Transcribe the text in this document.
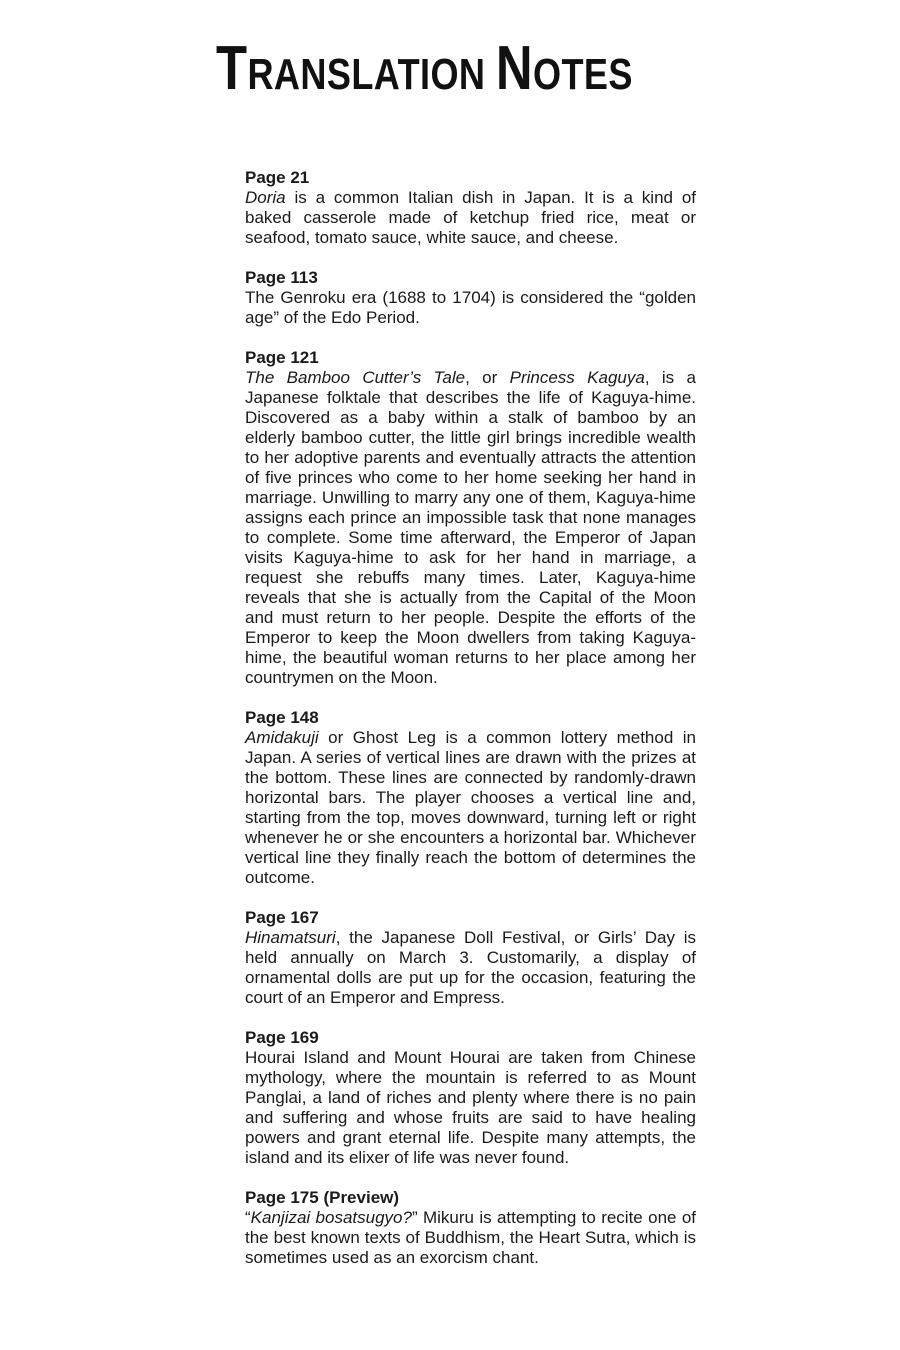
TRANSLATION NOTES

Page 21

Doria is a common Italian dish in Japan. It is a kind of baked casserole made of ketchup fried rice, meat or seafood, tomato sauce, white sauce, and cheese.

Page 113

The Genroku era (1688 to 1704) is considered the “golden age” of the Edo Period.

Page 121

The Bamboo Cutter’s Tale, or Princess Kaguya, is a Japanese folktale that describes the life of Kaguya-hime. Discovered as a baby within a stalk of bamboo by an elderly bamboo cutter, the little girl brings incredible wealth to her adoptive parents and eventually attracts the attention of five princes who come to her home seeking her hand in marriage. Unwilling to marry any one of them, Kaguya-hime assigns each prince an impossible task that none manages to complete. Some time afterward, the Emperor of Japan visits Kaguya-hime to ask for her hand in marriage, a request she rebuffs many times. Later, Kaguya-hime reveals that she is actually from the Capital of the Moon and must return to her people. Despite the efforts of the Emperor to keep the Moon dwellers from taking Kaguya-hime, the beautiful woman returns to her place among her countrymen on the Moon.

Page 148

Amidakuji or Ghost Leg is a common lottery method in Japan. A series of vertical lines are drawn with the prizes at the bottom. These lines are connected by randomly-drawn horizontal bars. The player chooses a vertical line and, starting from the top, moves downward, turning left or right whenever he or she encounters a horizontal bar. Whichever vertical line they finally reach the bottom of determines the outcome.

Page 167

Hinamatsuri, the Japanese Doll Festival, or Girls’ Day is held annually on March 3. Customarily, a display of ornamental dolls are put up for the occasion, featuring the court of an Emperor and Empress.

Page 169

Hourai Island and Mount Hourai are taken from Chinese mythology, where the mountain is referred to as Mount Panglai, a land of riches and plenty where there is no pain and suffering and whose fruits are said to have healing powers and grant eternal life. Despite many attempts, the island and its elixer of life was never found.

Page 175 (Preview)

“Kanjizai bosatsugyo?” Mikuru is attempting to recite one of the best known texts of Buddhism, the Heart Sutra, which is sometimes used as an exorcism chant.
